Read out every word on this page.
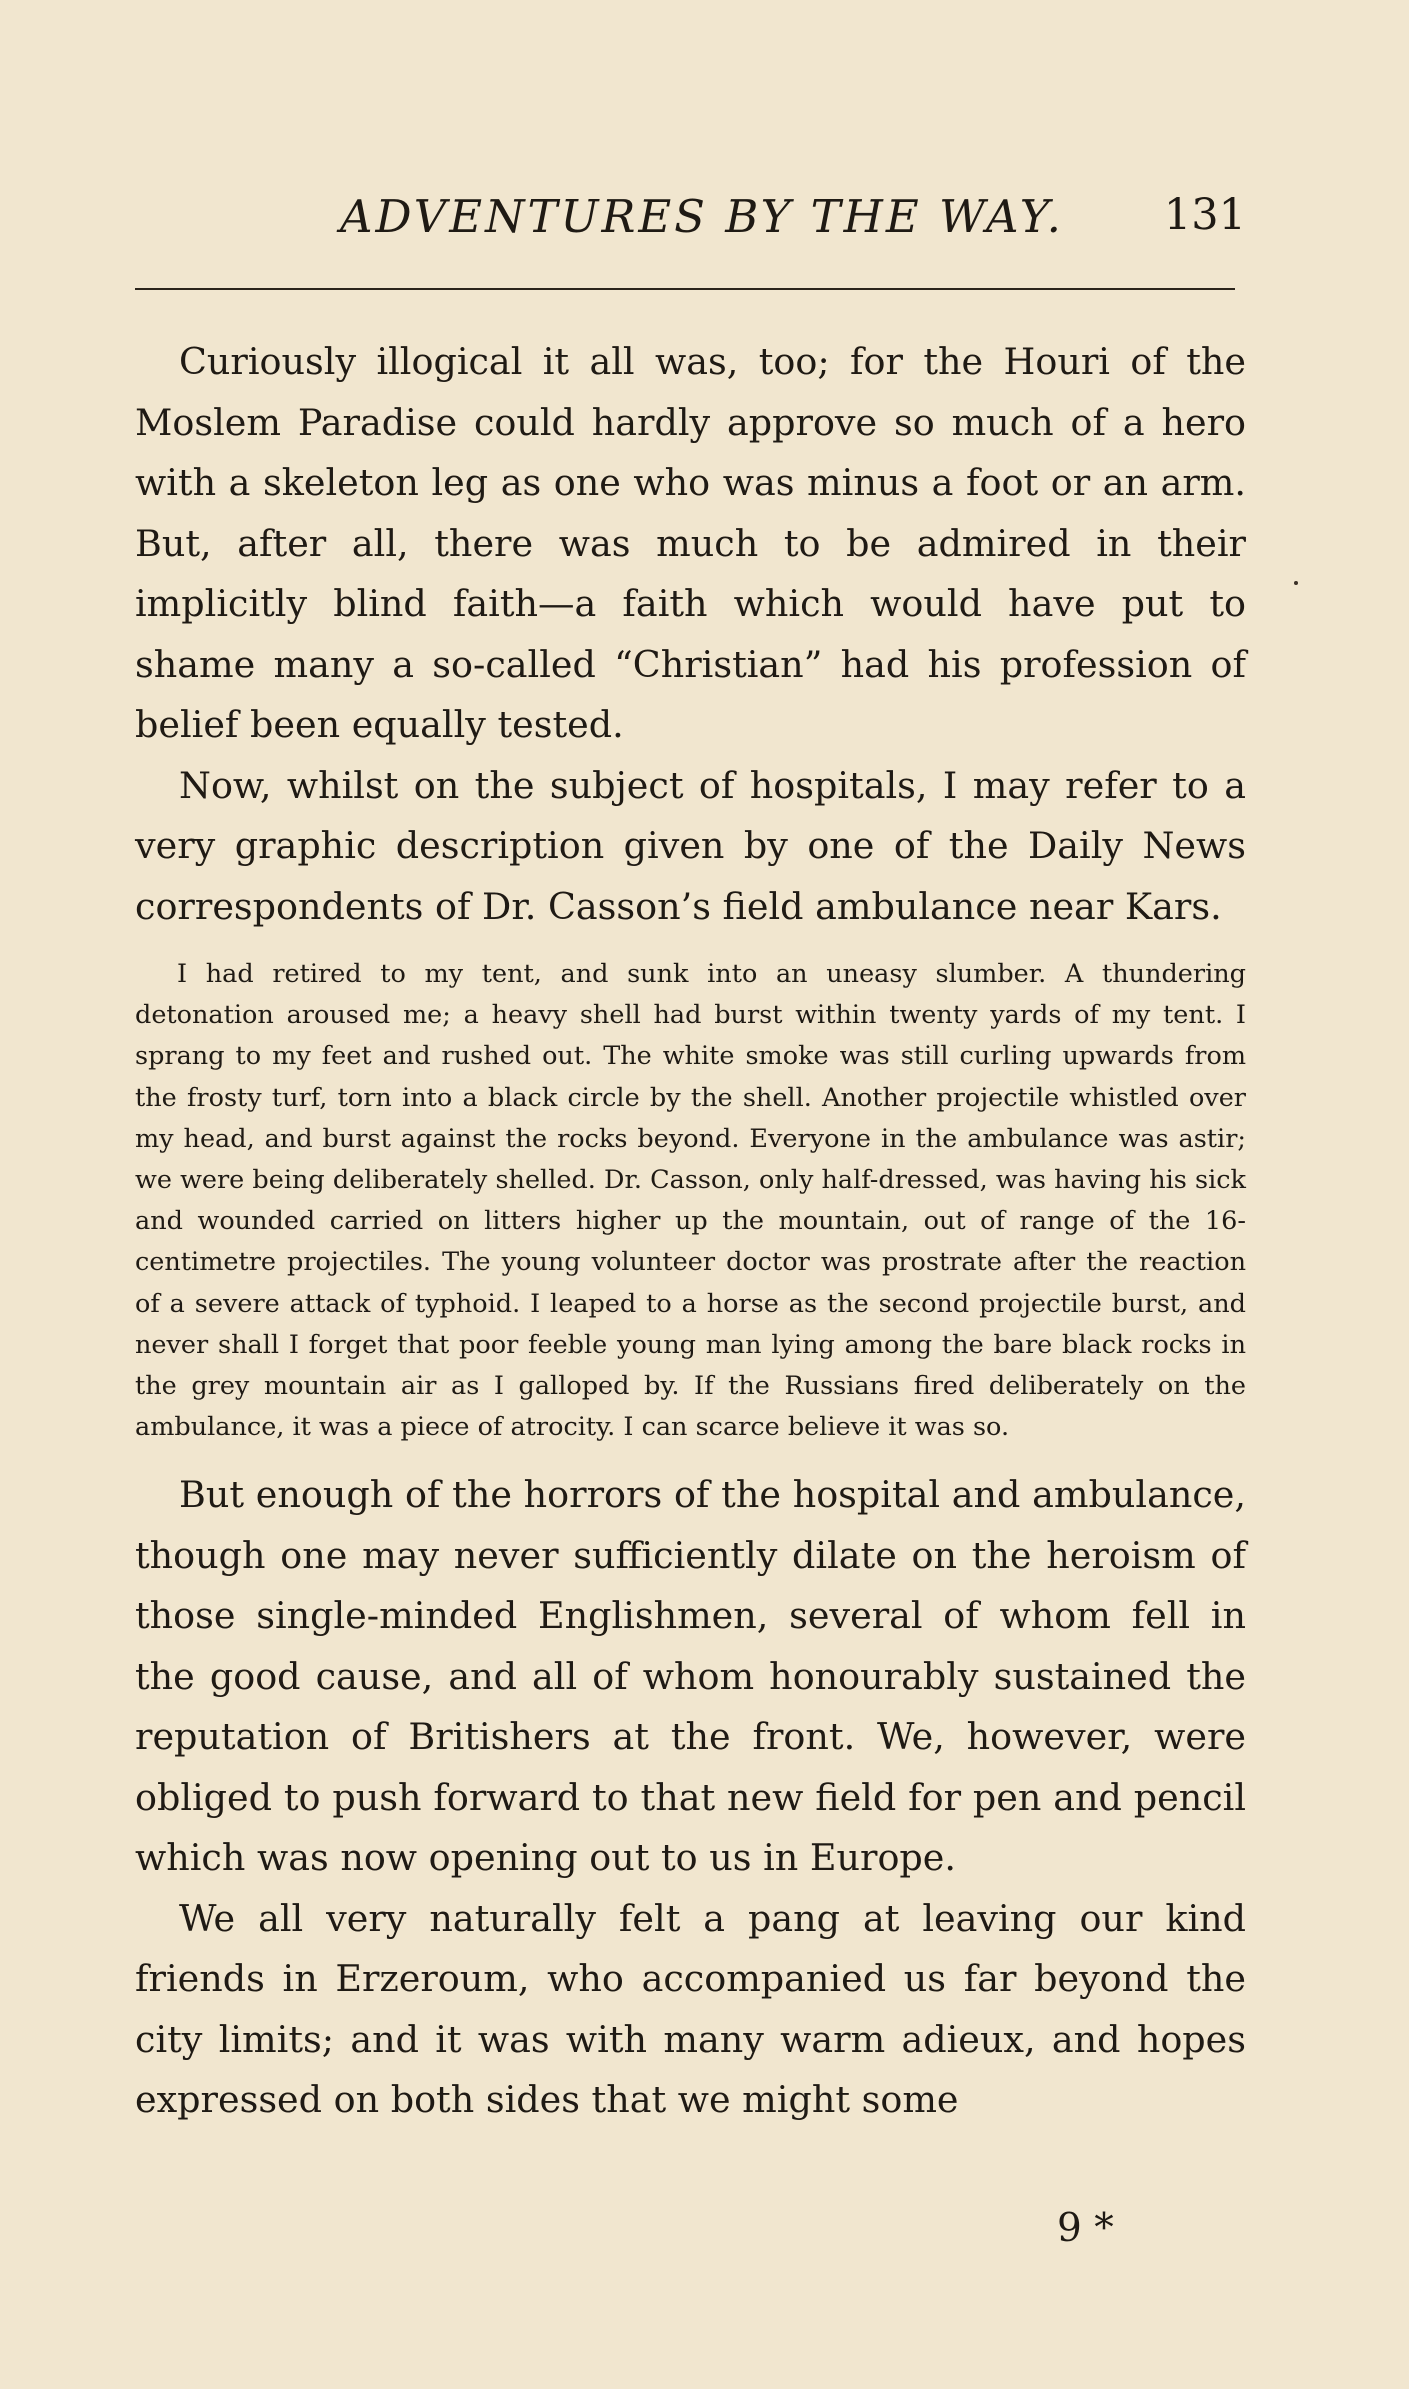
ADVENTURES BY THE WAY. 131

Curiously illogical it all was, too; for the Houri of the Moslem Paradise could hardly approve so much of a hero with a skeleton leg as one who was minus a foot or an arm. But, after all, there was much to be admired in their implicitly blind faith—a faith which would have put to shame many a so-called “Christian” had his profession of belief been equally tested.

Now, whilst on the subject of hospitals, I may refer to a very graphic description given by one of the Daily News correspondents of Dr. Casson’s field ambulance near Kars.

I had retired to my tent, and sunk into an uneasy slumber. A thundering detonation aroused me; a heavy shell had burst within twenty yards of my tent. I sprang to my feet and rushed out. The white smoke was still curling upwards from the frosty turf, torn into a black circle by the shell. Another projectile whistled over my head, and burst against the rocks beyond. Everyone in the ambulance was astir; we were being deliberately shelled. Dr. Casson, only half-dressed, was having his sick and wounded carried on litters higher up the mountain, out of range of the 16-centimetre projectiles. The young volunteer doctor was prostrate after the reaction of a severe attack of typhoid. I leaped to a horse as the second projectile burst, and never shall I forget that poor feeble young man lying among the bare black rocks in the grey mountain air as I galloped by. If the Russians fired deliberately on the ambulance, it was a piece of atrocity. I can scarce believe it was so.

But enough of the horrors of the hospital and ambulance, though one may never sufficiently dilate on the heroism of those single-minded Englishmen, several of whom fell in the good cause, and all of whom honourably sustained the reputation of Britishers at the front. We, however, were obliged to push forward to that new field for pen and pencil which was now opening out to us in Europe.

We all very naturally felt a pang at leaving our kind friends in Erzeroum, who accompanied us far beyond the city limits; and it was with many warm adieux, and hopes expressed on both sides that we might some

9 *
